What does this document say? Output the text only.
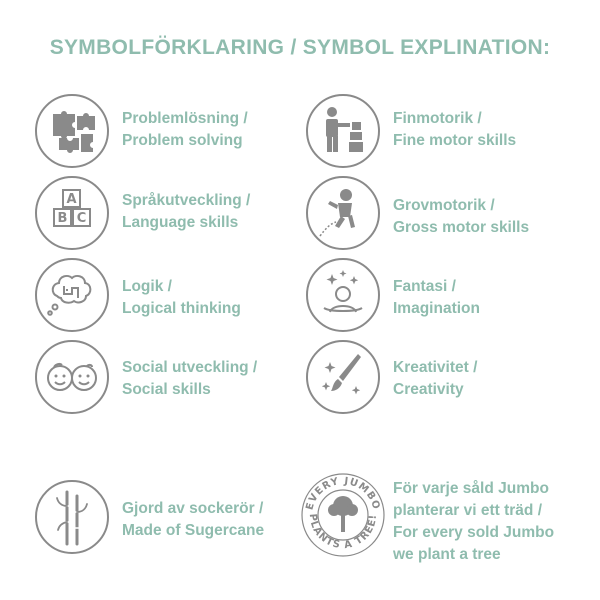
SYMBOLFÖRKLARING / SYMBOL EXPLINATION:
Problemlösning /
Problem solving
Finmotorik /
Fine motor skills
A
B C
Språkutveckling /
Language skills
Grovmotorik /
Gross motor skills
Logik /
Logical thinking
Fantasi /
Imagination
Social utveckling /
Social skills
Kreativitet /
Creativity
Gjord av sockerör /
Made of Sugercane
EVERY JUMBO
PLANTS A TREE!
För varje såld Jumbo
planterar vi ett träd /
For every sold Jumbo
we plant a tree
